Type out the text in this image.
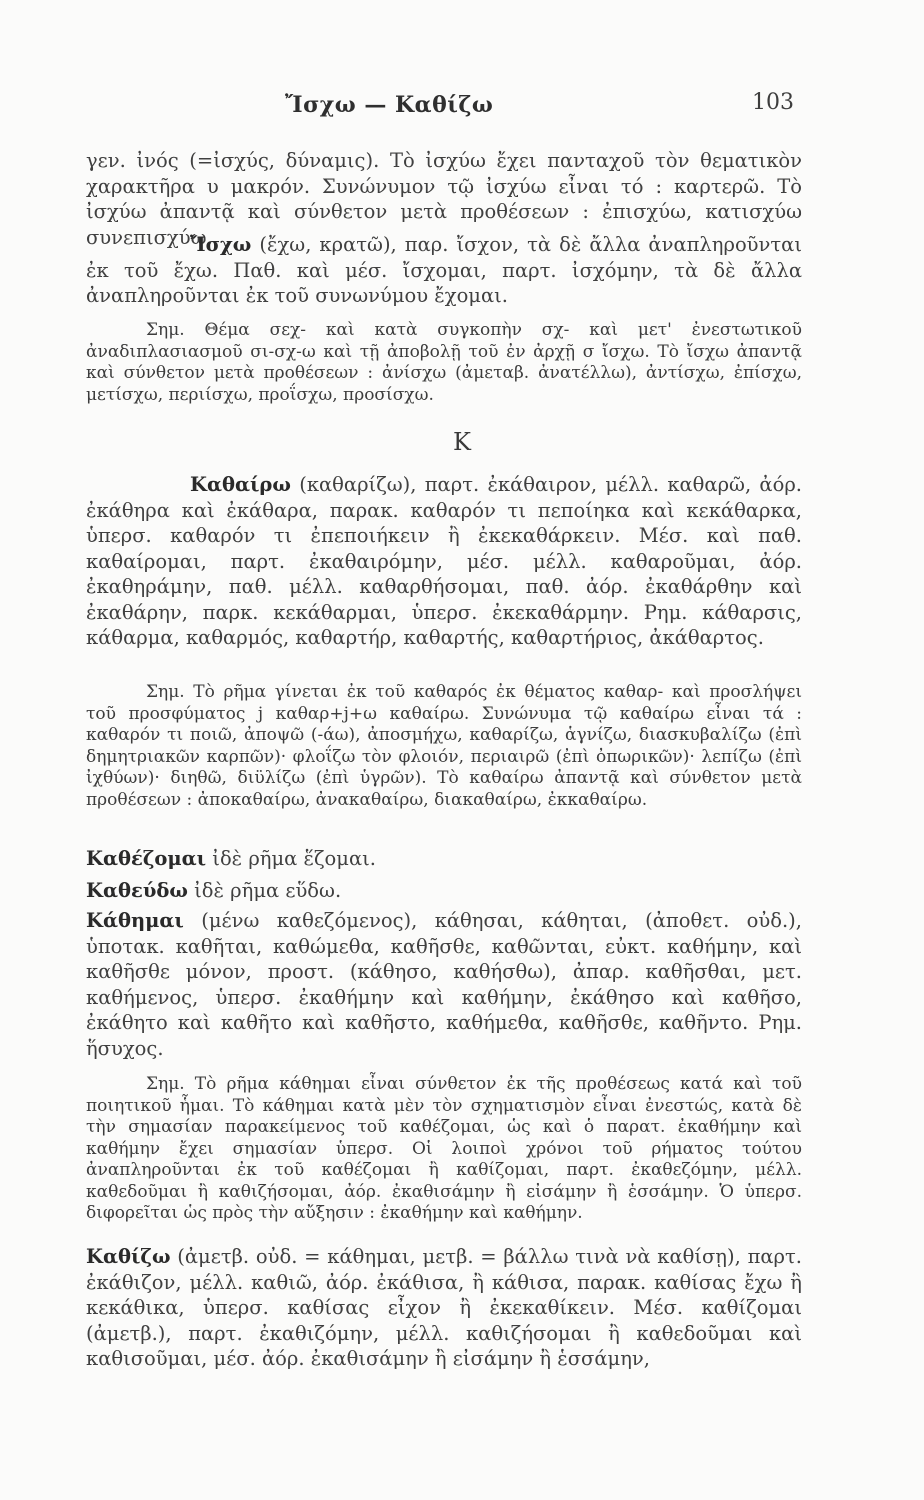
Ἴσχω — Καθίζω	103

γεν. ἰνός (=ἰσχύς, δύναμις). Τὸ ἰσχύω ἔχει πανταχοῦ τὸν θεματικὸν χαρακτῆρα υ μακρόν. Συνώνυμον τῷ ἰσχύω εἶναι τό : καρτερῶ. Τὸ ἰσχύω ἀπαντᾷ καὶ σύνθετον μετὰ προθέσεων : ἐπισχύω, κατισχύω συνεπισχύω.

Ἴσχω (ἔχω, κρατῶ), παρ. ἴσχον, τὰ δὲ ἄλλα ἀναπληροῦνται ἐκ τοῦ ἔχω. Παθ. καὶ μέσ. ἴσχομαι, παρτ. ἰσχόμην, τὰ δὲ ἄλλα ἀναπληροῦνται ἐκ τοῦ συνωνύμου ἔχομαι.

Σημ. Θέμα σεχ- καὶ κατὰ συγκοπὴν σχ- καὶ μετ' ἐνεστωτικοῦ ἀναδιπλασιασμοῦ σι-σχ-ω καὶ τῇ ἀποβολῇ τοῦ ἐν ἀρχῇ σ ἴσχω. Τὸ ἴσχω ἀπαντᾷ καὶ σύνθετον μετὰ προθέσεων : ἀνίσχω (ἀμεταβ. ἀνατέλλω), ἀντίσχω, ἐπίσχω, μετίσχω, περιίσχω, προΐσχω, προσίσχω.

Κ

Καθαίρω (καθαρίζω), παρτ. ἐκάθαιρον, μέλλ. καθαρῶ, ἀόρ. ἐκάθηρα καὶ ἐκάθαρα, παρακ. καθαρόν τι πεποίηκα καὶ κεκάθαρκα, ὑπερσ. καθαρόν τι ἐπεποιήκειν ἢ ἐκεκαθάρκειν. Μέσ. καὶ παθ. καθαίρομαι, παρτ. ἐκαθαιρόμην, μέσ. μέλλ. καθαροῦμαι, ἀόρ. ἐκαθηράμην, παθ. μέλλ. καθαρθήσομαι, παθ. ἀόρ. ἐκαθάρθην καὶ ἐκαθάρην, παρκ. κεκάθαρμαι, ὑπερσ. ἐκεκαθάρμην. Ρημ. κάθαρσις, κάθαρμα, καθαρμός, καθαρτήρ, καθαρτής, καθαρτήριος, ἀκάθαρτος.

Σημ. Τὸ ρῆμα γίνεται ἐκ τοῦ καθαρός ἐκ θέματος καθαρ- καὶ προσλήψει τοῦ προσφύματος j καθαρ+j+ω καθαίρω. Συνώνυμα τῷ καθαίρω εἶναι τά : καθαρόν τι ποιῶ, ἀποψῶ (-άω), ἀποσμήχω, καθαρίζω, ἁγνίζω, διασκυβαλίζω (ἐπὶ δημητριακῶν καρπῶν)· φλοΐζω τὸν φλοιόν, περιαιρῶ (ἐπὶ ὀπωρικῶν)· λεπίζω (ἐπὶ ἰχθύων)· διηθῶ, διϋλίζω (ἐπὶ ὑγρῶν). Τὸ καθαίρω ἀπαντᾷ καὶ σύνθετον μετὰ προθέσεων : ἀποκαθαίρω, ἀνακαθαίρω, διακαθαίρω, ἐκκαθαίρω.

Καθέζομαι ἰδὲ ρῆμα ἕζομαι.

Καθεύδω ἰδὲ ρῆμα εὕδω.

Κάθημαι (μένω καθεζόμενος), κάθησαι, κάθηται, (ἀποθετ. οὐδ.), ὑποτακ. καθῆται, καθώμεθα, καθῆσθε, καθῶνται, εὐκτ. καθήμην, καὶ καθῆσθε μόνον, προστ. (κάθησο, καθήσθω), ἀπαρ. καθῆσθαι, μετ. καθήμενος, ὑπερσ. ἐκαθήμην καὶ καθήμην, ἐκάθησο καὶ καθῆσο, ἐκάθητο καὶ καθῆτο καὶ καθῆστο, καθήμεθα, καθῆσθε, καθῆντο. Ρημ. ἥσυχος.

Σημ. Τὸ ρῆμα κάθημαι εἶναι σύνθετον ἐκ τῆς προθέσεως κατά καὶ τοῦ ποιητικοῦ ἧμαι. Τὸ κάθημαι κατὰ μὲν τὸν σχηματισμὸν εἶναι ἐνεστώς, κατὰ δὲ τὴν σημασίαν παρακείμενος τοῦ καθέζομαι, ὡς καὶ ὁ παρατ. ἐκαθήμην καὶ καθήμην ἔχει σημασίαν ὑπερσ. Οἱ λοιποὶ χρόνοι τοῦ ρήματος τούτου ἀναπληροῦνται ἐκ τοῦ καθέζομαι ἢ καθίζομαι, παρτ. ἐκαθεζόμην, μέλλ. καθεδοῦμαι ἢ καθιζήσομαι, ἀόρ. ἐκαθισάμην ἢ εἰσάμην ἢ ἑσσάμην. Ὁ ὑπερσ. διφορεῖται ὡς πρὸς τὴν αὔξησιν : ἐκαθήμην καὶ καθήμην.

Καθίζω (ἀμετβ. οὐδ. = κάθημαι, μετβ. = βάλλω τινὰ νὰ καθίσῃ), παρτ. ἐκάθιζον, μέλλ. καθιῶ, ἀόρ. ἐκάθισα, ἢ κάθισα, παρακ. καθίσας ἔχω ἢ κεκάθικα, ὑπερσ. καθίσας εἶχον ἢ ἐκεκαθίκειν. Μέσ. καθίζομαι (ἀμετβ.), παρτ. ἐκαθιζόμην, μέλλ. καθιζήσομαι ἢ καθεδοῦμαι καὶ καθισοῦμαι, μέσ. ἀόρ. ἐκαθισάμην ἢ εἰσάμην ἢ ἑσσάμην,
